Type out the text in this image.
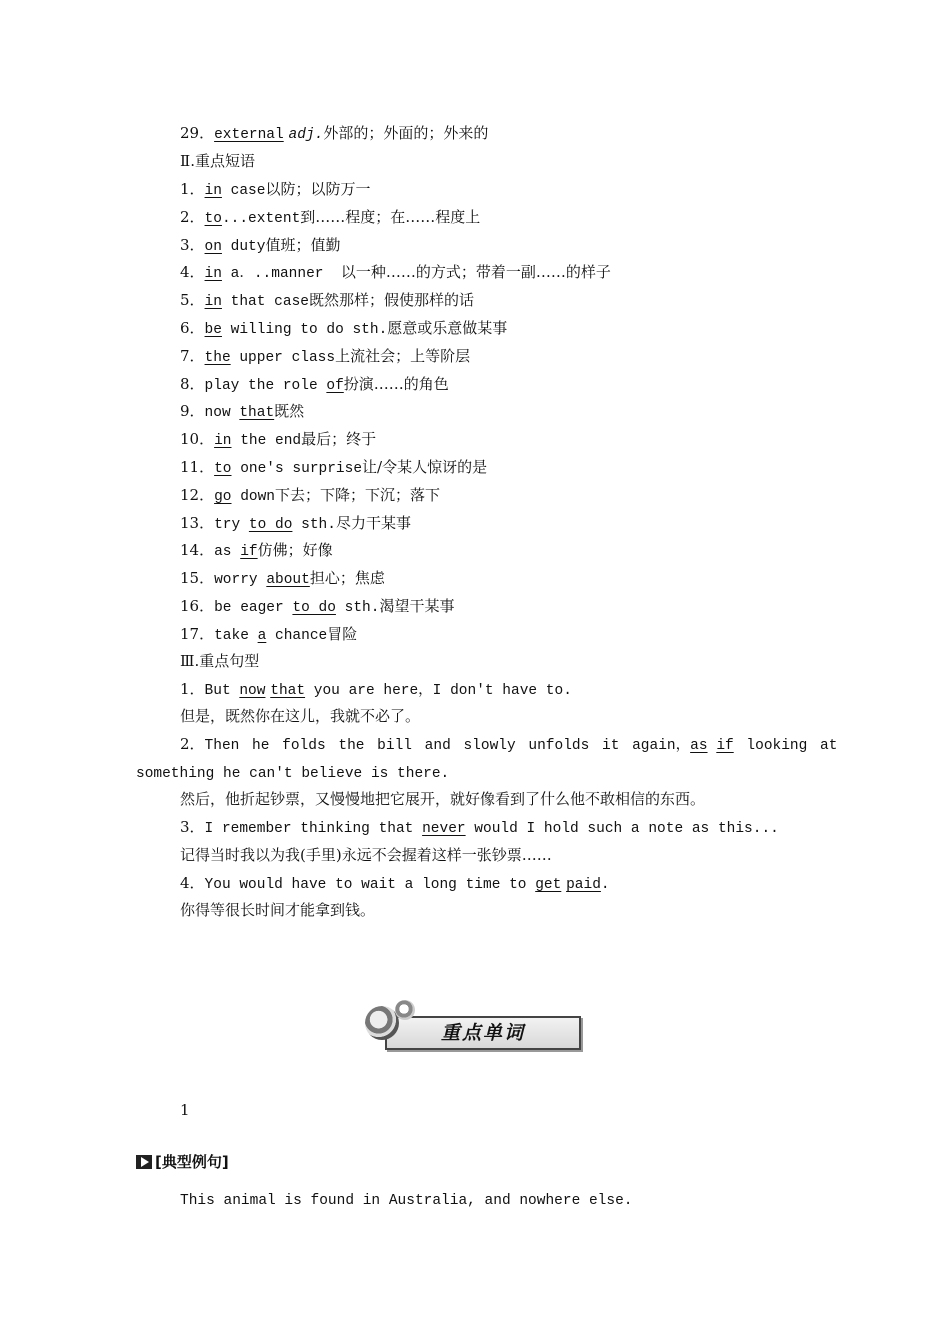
29．external adj.外部的；外面的；外来的
Ⅱ.重点短语
1．in case以防；以防万一
2．to...extent到……程度；在……程度上
3．on duty值班；值勤
4．in a．..manner  以一种……的方式；带着一副……的样子
5．in that case既然那样；假使那样的话
6．be willing to do sth.愿意或乐意做某事
7．the upper class上流社会；上等阶层
8．play the role of扮演……的角色
9．now that既然
10．in the end最后；终于
11．to one's surprise让/令某人惊讶的是
12．go down下去；下降；下沉；落下
13．try to do sth.尽力干某事
14．as if仿佛；好像
15．worry about担心；焦虑
16．be eager to do sth.渴望干某事
17．take a chance冒险
Ⅲ.重点句型
1．But now that you are here，I don't have to.
但是，既然你在这儿，我就不必了。
2．Then he folds the bill and slowly unfolds it again，as if looking at
something he can't believe is there.
然后，他折起钞票，又慢慢地把它展开，就好像看到了什么他不敢相信的东西。
3．I remember thinking that never would I hold such a note as this...
记得当时我以为我(手里)永远不会握着这样一张钞票……
4．You would have to wait a long time to get paid.
你得等很长时间才能拿到钱。
重点单词
1
[典型例句]
This animal is found in Australia, and nowhere else.
